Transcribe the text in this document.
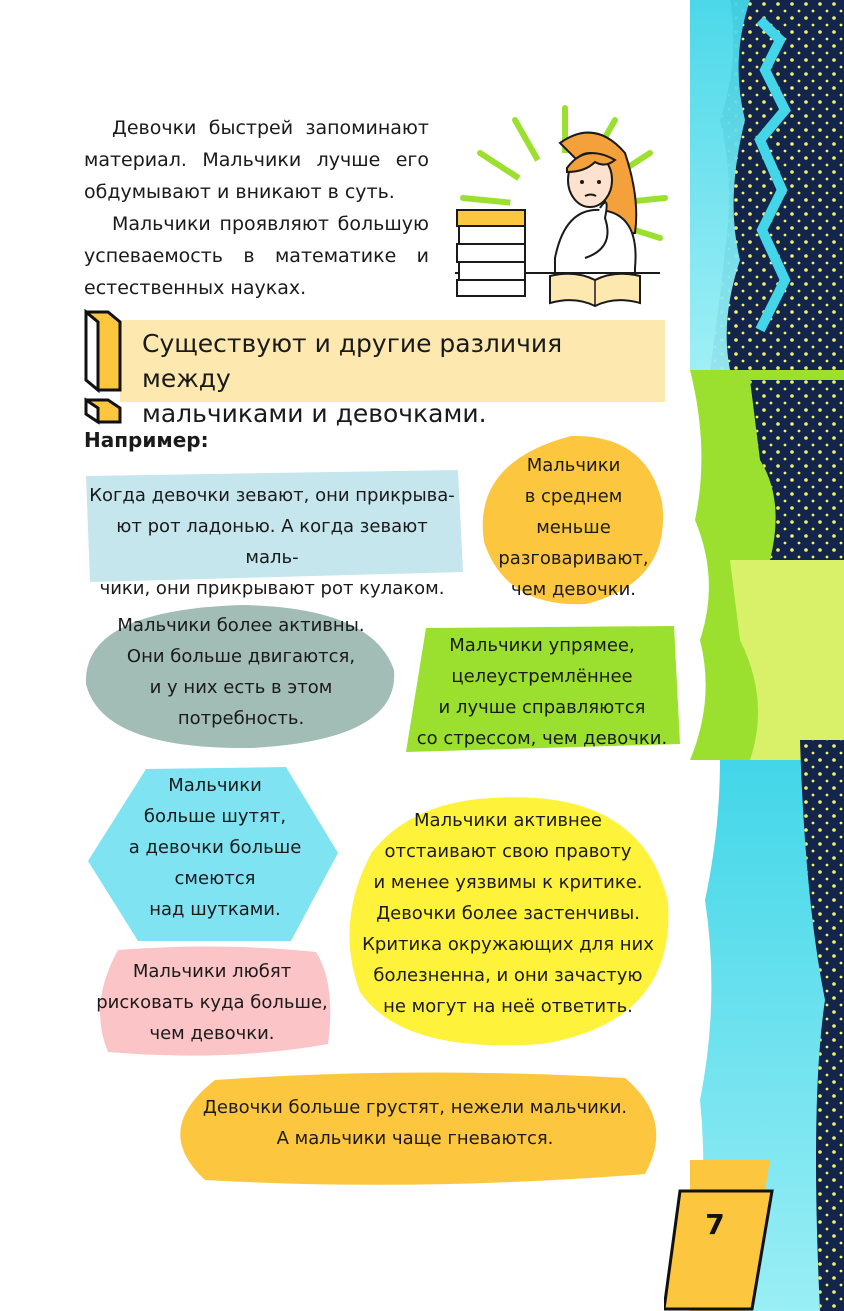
7

Девочки быстрей запоминают материал. Мальчики лучше его обдумывают и вникают в суть.

Мальчики проявляют большую успеваемость в математике и естественных науках.

Существуют и другие различия между
мальчиками и девочками.
Например:
Когда девочки зевают, они прикрыва-
ют рот ладонью. А когда зевают маль-
чики, они прикрывают рот кулаком.
Мальчики
в среднем меньше
разговаривают,
чем девочки.
Мальчики более активны.
Они больше двигаются,
и у них есть в этом
потребность.
Мальчики упрямее,
целеустремлённее
и лучше справляются
со стрессом, чем девочки.
Мальчики
больше шутят,
а девочки больше
смеются
над шутками.
Мальчики активнее
отстаивают свою правоту
и менее уязвимы к критике.
Девочки более застенчивы.
Критика окружающих для них
болезненна, и они зачастую
не могут на неё ответить.
Мальчики любят
рисковать куда больше,
чем девочки.
Девочки больше грустят, нежели мальчики.
А мальчики чаще гневаются.
